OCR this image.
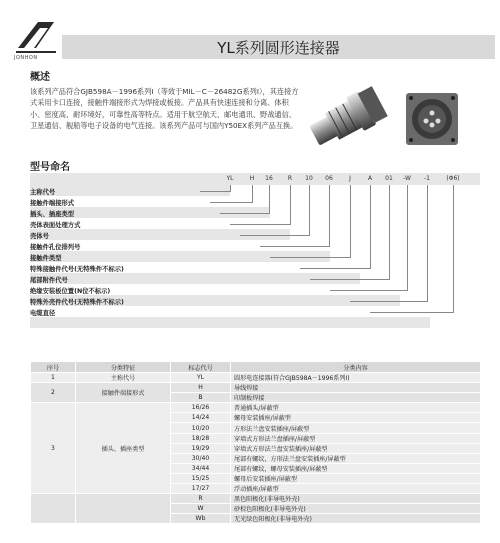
JONHON
YL系列圆形连接器
概述
该系列产品符合GJB598A－1996系列Ⅰ（等效于MIL－C－26482G系列Ⅰ），其连接方式采用卡口连接，接触件端接形式为焊接或板接。产品具有快速连接和分离、体积小、密度高、耐环境好，可靠性高等特点。适用于航空航天、邮电通讯、野战通信、卫星通信、舰船等电子设备的电气连接。该系列产品可与国内Y50EX系列产品互换。
型号命名
YL	H	16	R	10	06	J	A	01	-W	-1	(Φ6)
主称代号
接触件端接形式
插头、插座类型
壳体表面处理方式
壳体号
接触件孔位排列号
接触件类型
特殊接触件代号(无特殊件不标示)
尾部附件代号
绝缘安装板位置(N位不标示)
特殊外壳件代号(无特殊件不标示)
电缆直径
序号	分类特征	标志代号	分类内容
1	主称代号	YL	圆形电连接器(符合GJB598A－1996系列Ⅰ)
2	接触件端接形式	H	导线焊接
		B	印制板焊接
3	插头、插座类型	16/26	普通插头/屏蔽型
		14/24	螺母安装插座/屏蔽型
		10/20	方形法兰盘安装插座/屏蔽型
		18/28	穿墙式方形法兰盘插座/屏蔽型
		19/29	穿墙式方形法兰盘安装插座/屏蔽型
		30/40	尾部有螺纹，方形法兰盘安装插座/屏蔽型
		34/44	尾部有螺纹，螺母安装插座/屏蔽型
		15/25	螺母后安装插座/屏蔽型
		17/27	浮动插座/屏蔽型
		R	黑色阳极化(非导电外壳)
		W	砂棕色阳极化(非导电外壳)
		Wb	无光绿色阳极化(非导电外壳)
